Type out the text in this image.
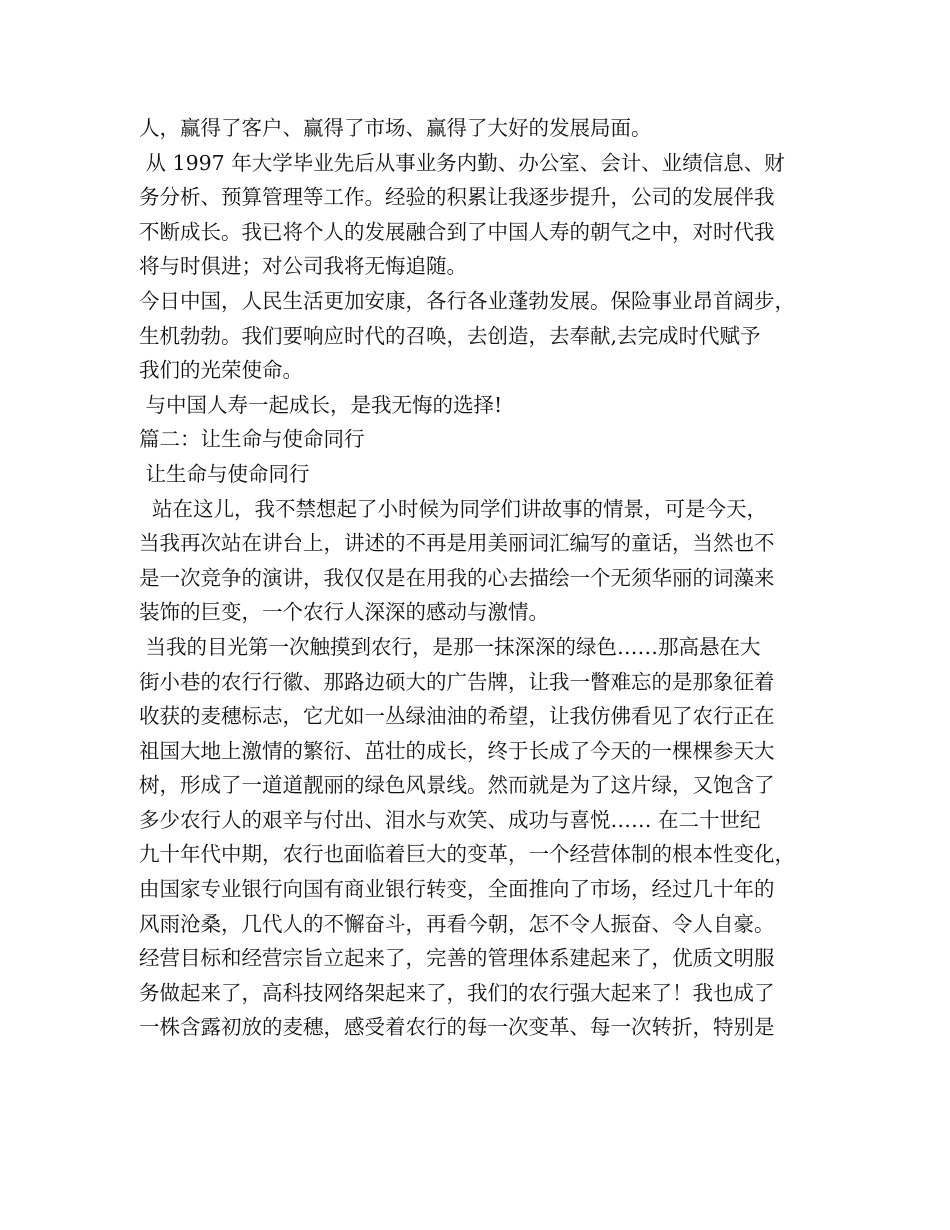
人，赢得了客户、赢得了市场、赢得了大好的发展局面。
从 1997 年大学毕业先后从事业务内勤、办公室、会计、业绩信息、财
务分析、预算管理等工作。经验的积累让我逐步提升，公司的发展伴我
不断成长。我已将个人的发展融合到了中国人寿的朝气之中，对时代我
将与时俱进；对公司我将无悔追随。
今日中国，人民生活更加安康，各行各业蓬勃发展。保险事业昂首阔步，
生机勃勃。我们要响应时代的召唤，去创造，去奉献,去完成时代赋予
我们的光荣使命。
与中国人寿一起成长，是我无悔的选择!
篇二：让生命与使命同行
让生命与使命同行
站在这儿，我不禁想起了小时候为同学们讲故事的情景，可是今天，
当我再次站在讲台上，讲述的不再是用美丽词汇编写的童话，当然也不
是一次竞争的演讲，我仅仅是在用我的心去描绘一个无须华丽的词藻来
装饰的巨变，一个农行人深深的感动与激情。
当我的目光第一次触摸到农行，是那一抹深深的绿色……那高悬在大
街小巷的农行行徽、那路边硕大的广告牌，让我一瞥难忘的是那象征着
收获的麦穗标志，它尤如一丛绿油油的希望，让我仿佛看见了农行正在
祖国大地上激情的繁衍、茁壮的成长，终于长成了今天的一棵棵参天大
树，形成了一道道靓丽的绿色风景线。然而就是为了这片绿，又饱含了
多少农行人的艰辛与付出、泪水与欢笑、成功与喜悦…… 在二十世纪
九十年代中期，农行也面临着巨大的变革，一个经营体制的根本性变化，
由国家专业银行向国有商业银行转变，全面推向了市场，经过几十年的
风雨沧桑，几代人的不懈奋斗，再看今朝，怎不令人振奋、令人自豪。
经营目标和经营宗旨立起来了，完善的管理体系建起来了，优质文明服
务做起来了，高科技网络架起来了，我们的农行强大起来了！我也成了
一株含露初放的麦穗，感受着农行的每一次变革、每一次转折，特别是
